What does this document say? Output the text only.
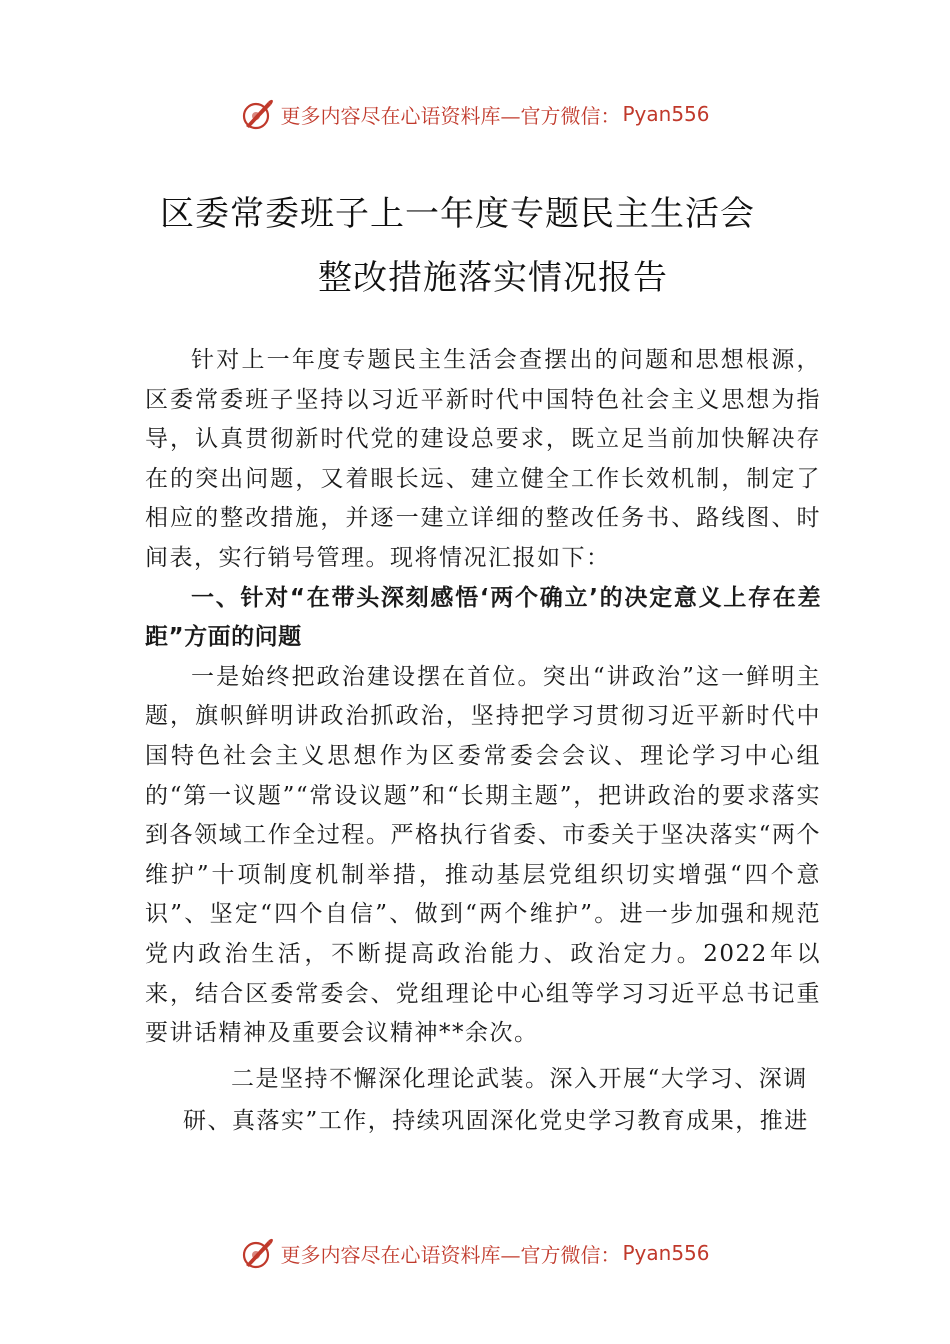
更多内容尽在心语资料库—官方微信： Pyan556
区委常委班子上一年度专题民主生活会
整改措施落实情况报告

针对上一年度专题民主生活会查摆出的问题和思想根源，区委常委班子坚持以习近平新时代中国特色社会主义思想为指导，认真贯彻新时代党的建设总要求，既立足当前加快解决存在的突出问题，又着眼长远、建立健全工作长效机制，制定了相应的整改措施，并逐一建立详细的整改任务书、路线图、时间表，实行销号管理。现将情况汇报如下：

一、针对“在带头深刻感悟‘两个确立’的决定意义上存在差距”方面的问题

一是始终把政治建设摆在首位。突出“讲政治”这一鲜明主题，旗帜鲜明讲政治抓政治，坚持把学习贯彻习近平新时代中国特色社会主义思想作为区委常委会会议、理论学习中心组的“第一议题”“常设议题”和“长期主题”，把讲政治的要求落实到各领域工作全过程。严格执行省委、市委关于坚决落实“两个维护”十项制度机制举措，推动基层党组织切实增强“四个意识”、坚定“四个自信”、做到“两个维护”。进一步加强和规范党内政治生活，不断提高政治能力、政治定力。2022年以来，结合区委常委会、党组理论中心组等学习习近平总书记重要讲话精神及重要会议精神**余次。

二是坚持不懈深化理论武装。深入开展“大学习、深调

研、真落实”工作，持续巩固深化党史学习教育成果，推进

更多内容尽在心语资料库—官方微信： Pyan556
